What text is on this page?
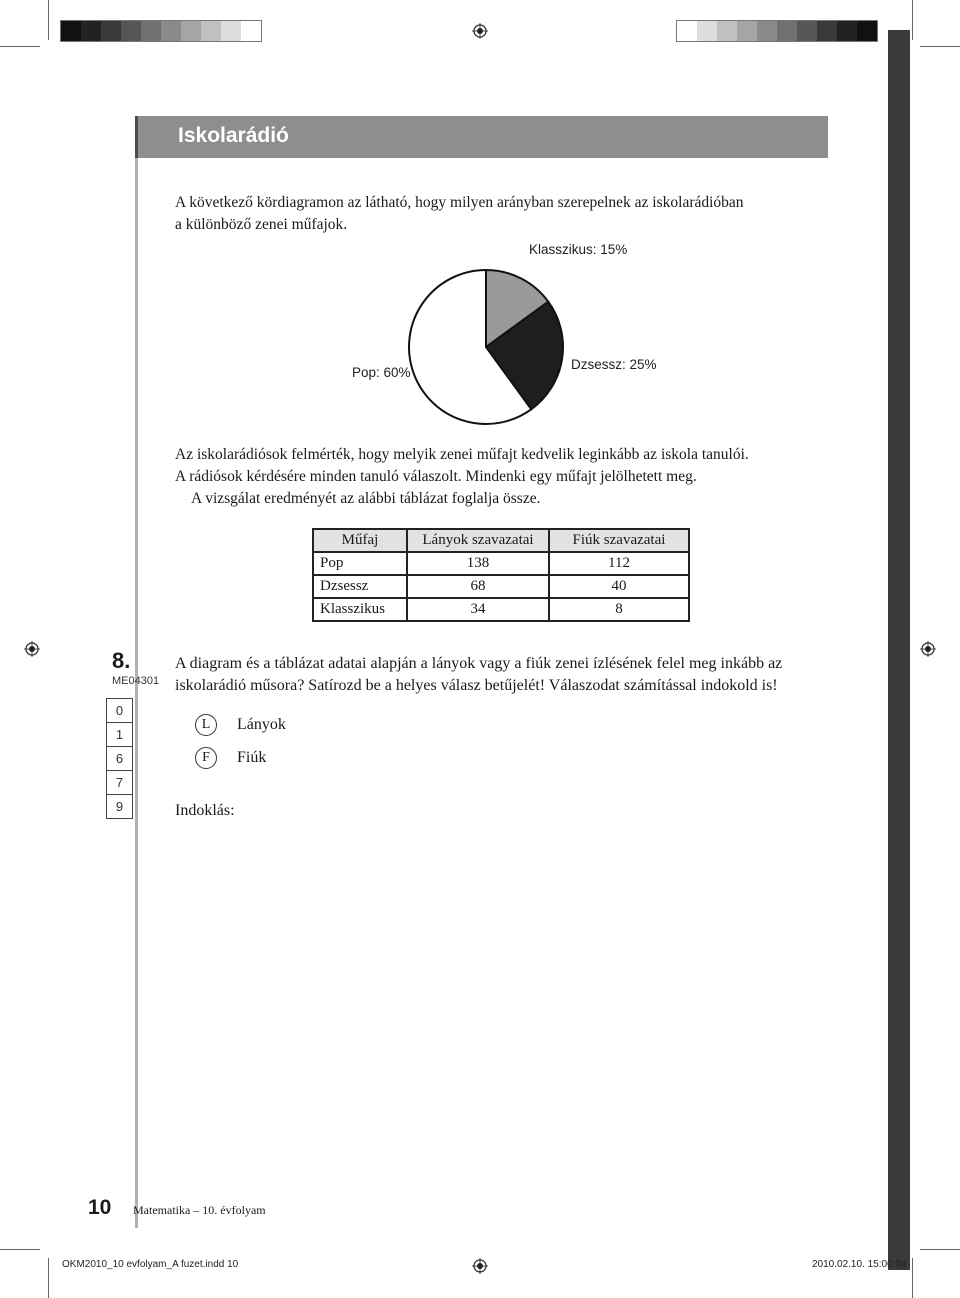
Iskolarádió
A következő kördiagramon az látható, hogy milyen arányban szerepelnek az iskolarádióban
a különböző zenei műfajok.
Klasszikus: 15%
Dzsessz: 25%
Pop: 60%
Az iskolarádiósok felmérték, hogy melyik zenei műfajt kedvelik leginkább az iskola tanulói.
A rádiósok kérdésére minden tanuló válaszolt. Mindenki egy műfajt jelölhetett meg.
A vizsgálat eredményét az alábbi táblázat foglalja össze.
Műfaj	Lányok szavazatai	Fiúk szavazatai
Pop	138	112
Dzsessz	68	40
Klasszikus	34	8
8.
ME04301
0
1
6
7
9
A diagram és a táblázat adatai alapján a lányok vagy a fiúk zenei ízlésének felel meg inkább az
iskolarádió műsora? Satírozd be a helyes válasz betűjelét! Válaszodat számítással indokold is!
L	Lányok
F	Fiúk
Indoklás:
10 Matematika – 10. évfolyam
OKM2010_10 evfolyam_A fuzet.indd 10	2010.02.10. 15:00:04
